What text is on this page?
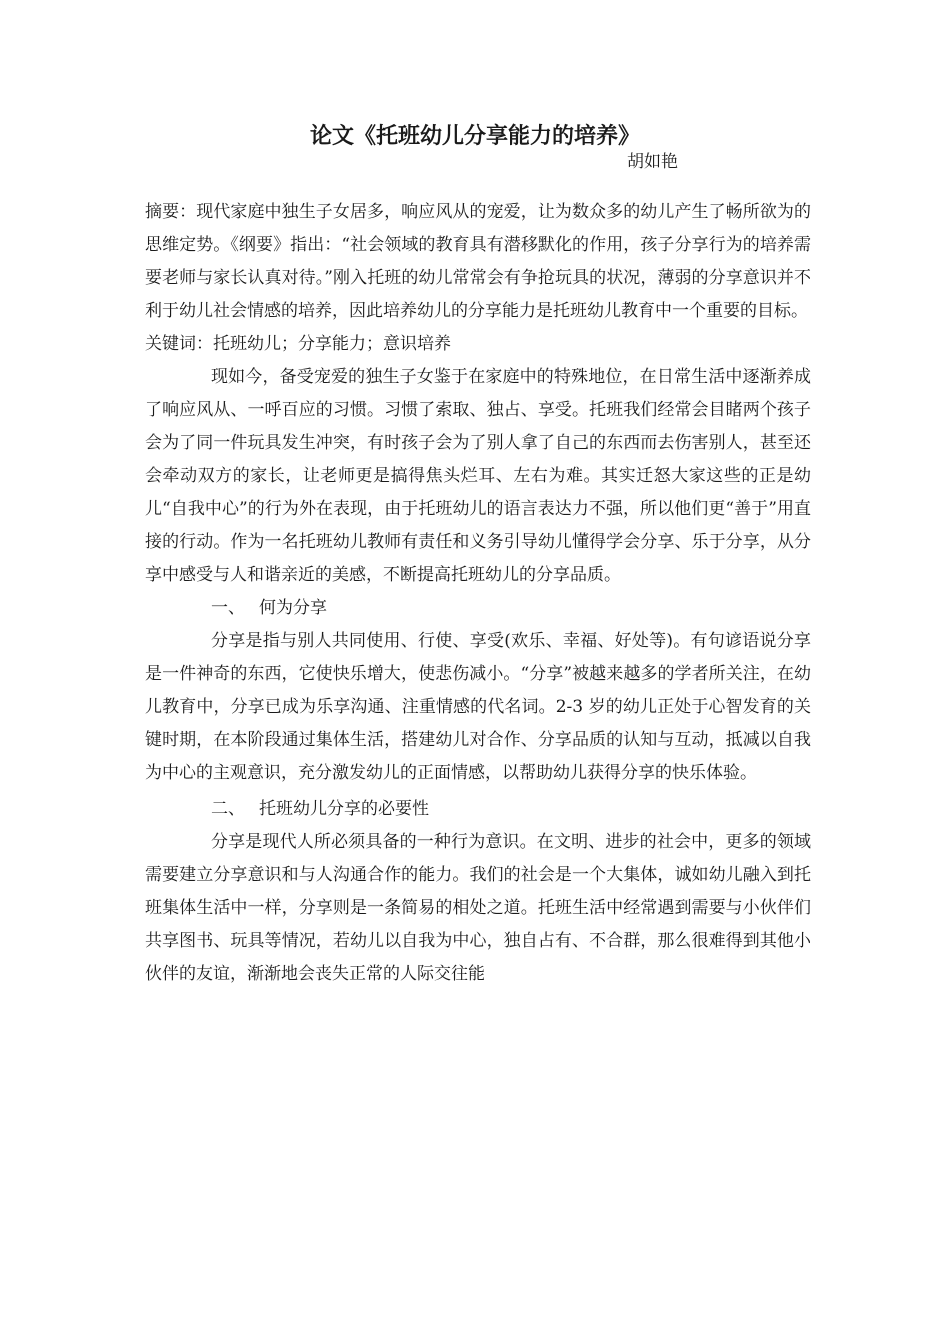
论文《托班幼儿分享能力的培养》
胡如艳

摘要：现代家庭中独生子女居多，响应风从的宠爱，让为数众多的幼儿产生了畅所欲为的思维定势。《纲要》指出：“社会领域的教育具有潜移默化的作用，孩子分享行为的培养需要老师与家长认真对待。”刚入托班的幼儿常常会有争抢玩具的状况，薄弱的分享意识并不利于幼儿社会情感的培养，因此培养幼儿的分享能力是托班幼儿教育中一个重要的目标。

关键词：托班幼儿；分享能力；意识培养

现如今，备受宠爱的独生子女鉴于在家庭中的特殊地位，在日常生活中逐渐养成了响应风从、一呼百应的习惯。习惯了索取、独占、享受。托班我们经常会目睹两个孩子会为了同一件玩具发生冲突，有时孩子会为了别人拿了自己的东西而去伤害别人，甚至还会牵动双方的家长，让老师更是搞得焦头烂耳、左右为难。其实迁怒大家这些的正是幼儿“自我中心”的行为外在表现，由于托班幼儿的语言表达力不强，所以他们更“善于”用直接的行动。作为一名托班幼儿教师有责任和义务引导幼儿懂得学会分享、乐于分享，从分享中感受与人和谐亲近的美感，不断提高托班幼儿的分享品质。

一、 何为分享

分享是指与别人共同使用、行使、享受(欢乐、幸福、好处等)。有句谚语说分享是一件神奇的东西，它使快乐增大，使悲伤减小。“分享”被越来越多的学者所关注，在幼儿教育中，分享已成为乐享沟通、注重情感的代名词。2-3 岁的幼儿正处于心智发育的关键时期，在本阶段通过集体生活，搭建幼儿对合作、分享品质的认知与互动，抵减以自我为中心的主观意识，充分激发幼儿的正面情感，以帮助幼儿获得分享的快乐体验。

二、 托班幼儿分享的必要性

分享是现代人所必须具备的一种行为意识。在文明、进步的社会中，更多的领域需要建立分享意识和与人沟通合作的能力。我们的社会是一个大集体，诚如幼儿融入到托班集体生活中一样，分享则是一条简易的相处之道。托班生活中经常遇到需要与小伙伴们共享图书、玩具等情况，若幼儿以自我为中心，独自占有、不合群，那么很难得到其他小伙伴的友谊，渐渐地会丧失正常的人际交往能
